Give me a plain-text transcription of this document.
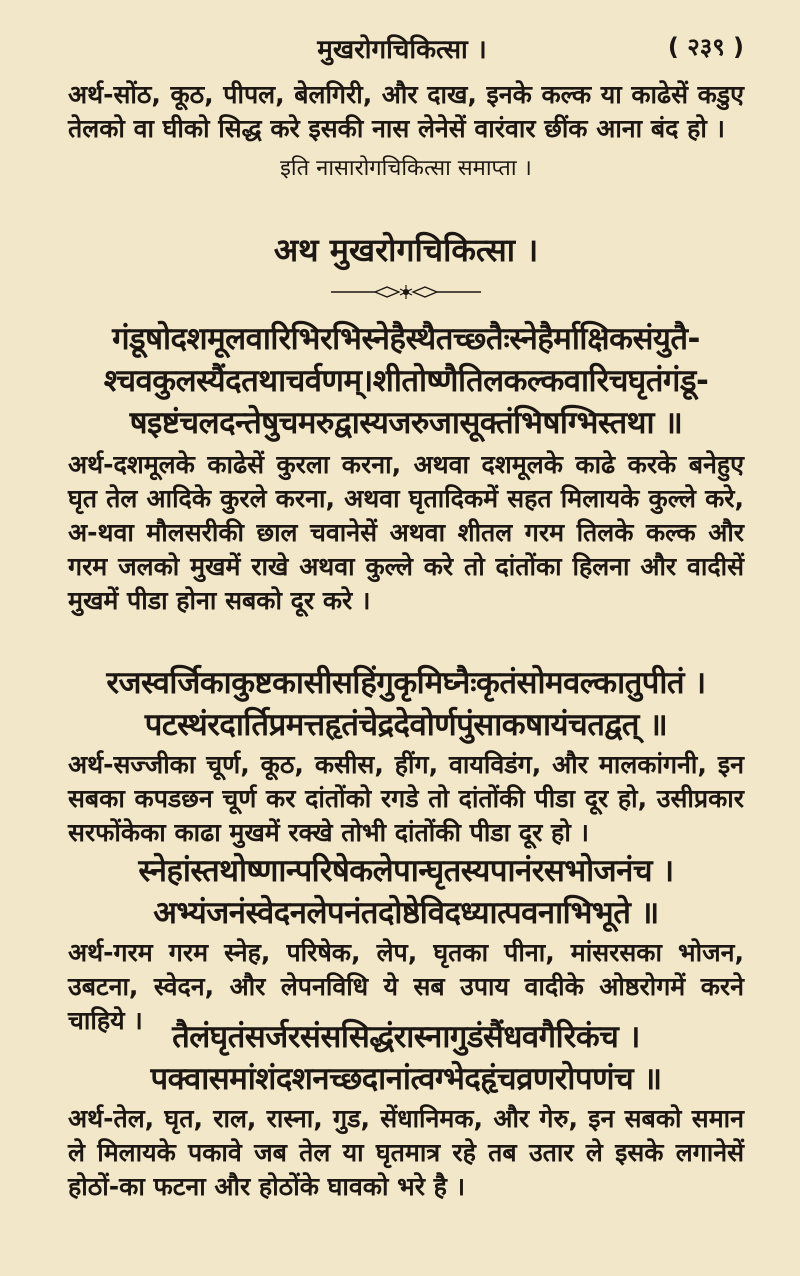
मुखरोगचिकित्सा ।	( २३९ )

अर्थ-सोंठ, कूठ, पीपल, बेलगिरी, और दाख, इनके कल्क या काढेसें कडुए तेलको वा घीको सिद्ध करे इसकी नास लेनेसें वारंवार छींक आना बंद हो ।

इति नासारोगचिकित्सा समाप्ता ।

अथ मुखरोगचिकित्सा ।

गंडूषोदशमूलवारिभिरभिस्नेहैस्थैतच्छ्तैःस्नेहैर्माक्षिकसंयुतै-
श्चवकुलस्यैंदतथाचर्वणम्।शीतोष्णैतिलकल्कवारिचघृतंगंडू-
षइष्टंचलदन्तेषुचमरुद्वास्यजरुजासूक्तंभिषग्भिस्तथा ॥

अर्थ-दशमूलके काढेसें कुरला करना, अथवा दशमूलके काढे करके बनेहुए घृत तेल आदिके कुरले करना, अथवा घृतादिकमें सहत मिलायके कुल्ले करे, अ-थवा मौलसरीकी छाल चवानेसें अथवा शीतल गरम तिलके कल्क और गरम जलको मुखमें राखे अथवा कुल्ले करे तो दांतोंका हिलना और वादीसें मुखमें पीडा होना सबको दूर करे ।

रजस्वर्जिकाकुष्टकासीसहिंगुकृमिघ्नैःकृतंसोमवल्कातुपीतं ।
पटस्थंरदार्तिप्रमत्तहृतंचेद्रदेवोर्णपुंसाकषायंचतद्वत् ॥

अर्थ-सज्जीका चूर्ण, कूठ, कसीस, हींग, वायविडंग, और मालकांगनी, इन सबका कपडछन चूर्ण कर दांतोंको रगडे तो दांतोंकी पीडा दूर हो, उसीप्रकार सरफोंकेका काढा मुखमें रक्खे तोभी दांतोंकी पीडा दूर हो ।

स्नेहांस्तथोष्णान्परिषेकलेपान्घृतस्यपानंरसभोजनंच ।
अभ्यंजनंस्वेदनलेपनंतदोष्ठेविदध्यात्पवनाभिभूते ॥

अर्थ-गरम गरम स्नेह, परिषेक, लेप, घृतका पीना, मांसरसका भोजन, उबटना, स्वेदन, और लेपनविधि ये सब उपाय वादीके ओष्ठरोगमें करने चाहिये । तैलंघृतंसर्जरसंससिद्धंरास्नागुडंसैंधवगैरिकंच ।
पक्वासमांशंदशनच्छदानांत्वग्भेदहृंचव्रणरोपणंच ॥

अर्थ-तेल, घृत, राल, रास्ना, गुड, सेंधानिमक, और गेरु, इन सबको समान ले मिलायके पकावे जब तेल या घृतमात्र रहे तब उतार ले इसके लगानेसें होठों-का फटना और होठोंके घावको भरे है ।
